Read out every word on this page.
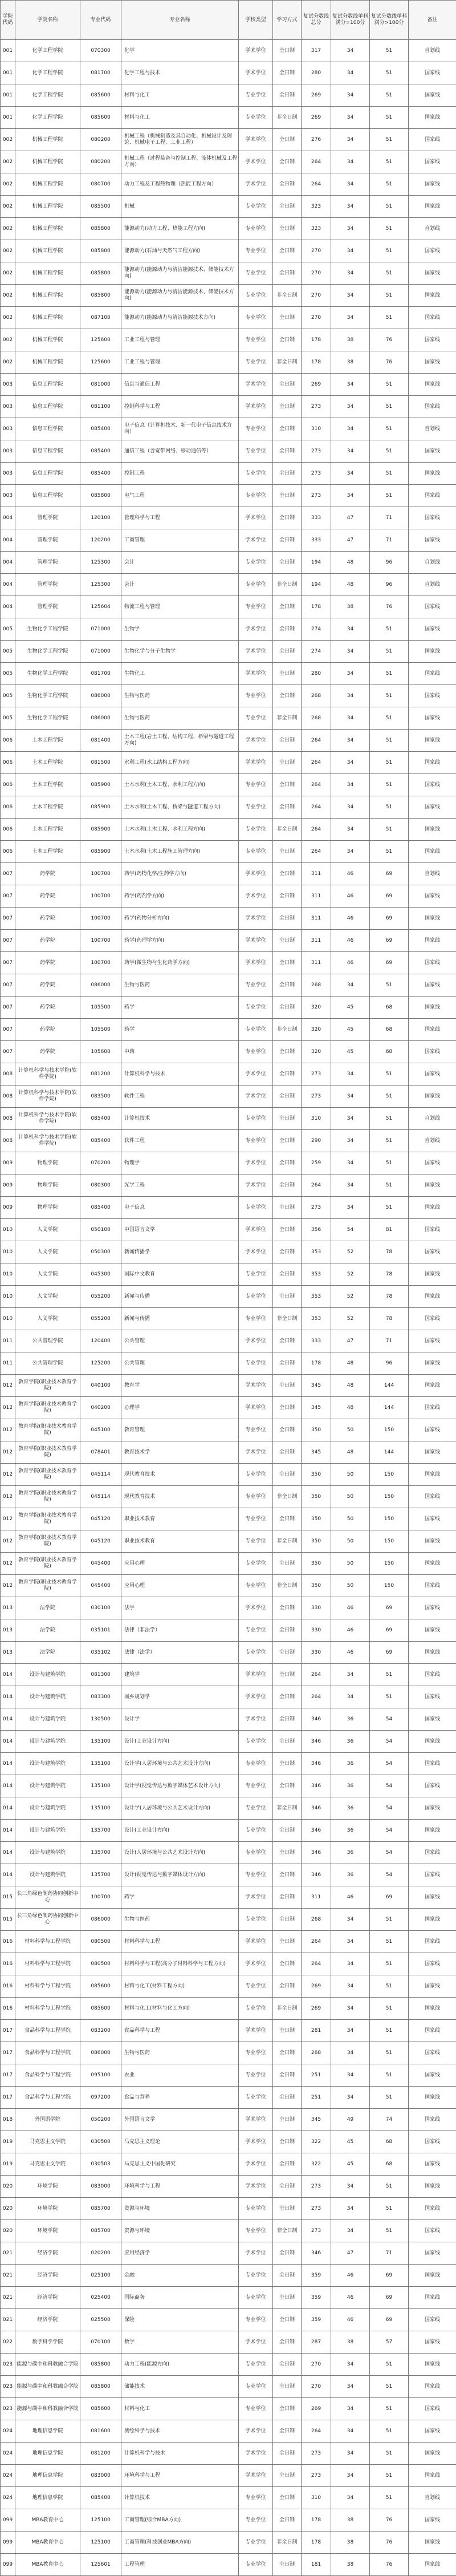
学院代码	学院名称	专业代码	专业名称	学校类型	学习方式	复试分数线总分	复试分数线单科满分=100分	复试分数线单科满分>100分	备注
001	化学工程学院	070300	化学	学术学位	全日制	317	34	51	自划线
001	化学工程学院	081700	化学工程与技术	学术学位	全日制	280	34	51	国家线
001	化学工程学院	085600	材料与化工	专业学位	全日制	269	34	51	国家线
001	化学工程学院	085600	材料与化工	专业学位	非全日制	269	34	51	国家线
002	机械工程学院	080200	机械工程（机械制造及其自动化、机械设计及理论、机械电子工程、工业工程）	学术学位	全日制	276	34	51	国家线
002	机械工程学院	080200	机械工程（过程装备与控制工程、流体机械及工程方向）	学术学位	全日制	264	34	51	国家线
002	机械工程学院	080700	动力工程及工程热物理（热能工程方向）	学术学位	全日制	264	34	51	国家线
002	机械工程学院	085500	机械	专业学位	全日制	323	34	51	国家线
002	机械工程学院	085800	能源动力(动力工程、热能工程方向)	专业学位	全日制	323	34	51	自划线
002	机械工程学院	085800	能源动力(石油与天然气工程方向)	专业学位	全日制	270	34	51	国家线
002	机械工程学院	085800	能源动力(能源动力与清洁能源技术、储能技术方向)	专业学位	全日制	270	34	51	国家线
002	机械工程学院	085800	能源动力(能源动力与清洁能源技术、储能技术方向)	专业学位	非全日制	270	34	51	国家线
002	机械工程学院	087100	能源动力(能源动力与清洁能源技术方向)	专业学位	全日制	270	34	51	国家线
002	机械工程学院	125600	工业工程与管理	专业学位	全日制	178	38	76	国家线
002	机械工程学院	125600	工业工程与管理	专业学位	非全日制	178	38	76	国家线
003	信息工程学院	081000	信息与通信工程	学术学位	全日制	269	34	51	国家线
003	信息工程学院	081100	控制科学与工程	学术学位	全日制	273	34	51	国家线
003	信息工程学院	085400	电子信息（计算机技术、新一代电子信息技术方向）	专业学位	全日制	310	34	51	自划线
003	信息工程学院	085400	通信工程（含宽带网络、移动通信等）	专业学位	全日制	273	34	51	国家线
003	信息工程学院	085400	控制工程	专业学位	全日制	273	34	51	国家线
003	信息工程学院	085800	电气工程	专业学位	全日制	273	34	51	国家线
004	管理学院	120100	管理科学与工程	学术学位	全日制	333	47	71	国家线
004	管理学院	120200	工商管理	学术学位	全日制	333	47	71	国家线
004	管理学院	125300	会计	专业学位	全日制	194	48	96	自划线
004	管理学院	125300	会计	专业学位	非全日制	194	48	96	自划线
004	管理学院	125604	物流工程与管理	专业学位	全日制	178	38	76	国家线
005	生物化学工程学院	071000	生物学	学术学位	全日制	274	34	51	国家线
005	生物化学工程学院	071000	生物化学与分子生物学	学术学位	全日制	274	34	51	国家线
005	生物化学工程学院	081700	生物化工	学术学位	全日制	280	34	51	国家线
005	生物化学工程学院	086000	生物与医药	专业学位	全日制	268	34	51	国家线
005	生物化学工程学院	086000	生物与医药	专业学位	非全日制	268	34	51	国家线
006	土木工程学院	081400	土木工程(岩土工程、结构工程、桥梁与隧道工程方向)	学术学位	全日制	264	34	51	国家线
006	土木工程学院	081500	水利工程(水工结构工程方向)	学术学位	全日制	264	34	51	国家线
006	土木工程学院	085900	土木水利(土木工程、水利工程方向)	专业学位	全日制	264	34	51	国家线
006	土木工程学院	085900	土木水利(土木工程、桥梁与隧道工程方向)	专业学位	全日制	264	34	51	国家线
006	土木工程学院	085900	土木水利(土木工程、水利工程方向)	专业学位	非全日制	264	34	51	国家线
006	土木工程学院	085900	土木水利(土木工程施工管理方向)	专业学位	全日制	264	34	51	国家线
007	药学院	100700	药学(药物化学/生药学方向)	学术学位	全日制	311	46	69	自划线
007	药学院	100700	药学(药剂学方向)	学术学位	全日制	311	46	69	国家线
007	药学院	100700	药学(药物分析方向)	学术学位	全日制	311	46	69	国家线
007	药学院	100700	药学(药理学方向)	学术学位	全日制	311	46	69	国家线
007	药学院	100700	药学(微生物与生化药学方向)	学术学位	全日制	311	46	69	国家线
007	药学院	086000	生物与医药	专业学位	全日制	268	34	51	国家线
007	药学院	105500	药学	专业学位	全日制	320	45	68	国家线
007	药学院	105500	药学	专业学位	非全日制	320	45	68	国家线
007	药学院	105600	中药	专业学位	全日制	320	45	68	国家线
008	计算机科学与技术学院(软件学院)	081200	计算机科学与技术	学术学位	全日制	273	34	51	国家线
008	计算机科学与技术学院(软件学院)	083500	软件工程	学术学位	全日制	273	34	51	国家线
008	计算机科学与技术学院(软件学院)	085400	计算机技术	专业学位	全日制	310	34	51	自划线
008	计算机科学与技术学院(软件学院)	085400	软件工程	专业学位	全日制	290	34	51	自划线
009	物理学院	070200	物理学	学术学位	全日制	259	34	51	国家线
009	物理学院	080300	光学工程	学术学位	全日制	264	34	51	国家线
009	物理学院	085400	电子信息	专业学位	全日制	273	34	51	国家线
010	人文学院	050100	中国语言文学	学术学位	全日制	356	54	81	国家线
010	人文学院	050300	新闻传播学	学术学位	全日制	353	52	78	国家线
010	人文学院	045300	国际中文教育	专业学位	全日制	353	52	78	国家线
010	人文学院	055200	新闻与传播	专业学位	全日制	353	52	78	国家线
010	人文学院	055200	新闻与传播	专业学位	非全日制	353	52	78	国家线
011	公共管理学院	120400	公共管理	学术学位	全日制	333	47	71	国家线
011	公共管理学院	125200	公共管理	专业学位	全日制	178	48	96	国家线
012	教育学院(职业技术教育学院)	040100	教育学	学术学位	全日制	345	48	144	国家线
012	教育学院(职业技术教育学院)	040200	心理学	学术学位	全日制	345	48	144	国家线
012	教育学院(职业技术教育学院)	045100	教育管理	专业学位	全日制	350	50	150	国家线
012	教育学院(职业技术教育学院)	078401	教育技术学	学术学位	全日制	345	48	144	国家线
012	教育学院(职业技术教育学院)	045114	现代教育技术	专业学位	全日制	350	50	150	国家线
012	教育学院(职业技术教育学院)	045114	现代教育技术	专业学位	非全日制	350	50	150	国家线
012	教育学院(职业技术教育学院)	045120	职业技术教育	专业学位	全日制	350	50	150	国家线
012	教育学院(职业技术教育学院)	045120	职业技术教育	专业学位	非全日制	350	50	150	国家线
012	教育学院(职业技术教育学院)	045400	应用心理	专业学位	全日制	350	50	150	国家线
012	教育学院(职业技术教育学院)	045400	应用心理	专业学位	非全日制	350	50	150	国家线
013	法学院	030100	法学	学术学位	全日制	330	46	69	国家线
013	法学院	035101	法律（非法学）	专业学位	全日制	330	46	69	国家线
013	法学院	035102	法律（法学）	专业学位	全日制	330	46	69	国家线
014	设计与建筑学院	081300	建筑学	学术学位	全日制	264	34	51	国家线
014	设计与建筑学院	083300	城乡规划学	学术学位	全日制	264	34	51	国家线
014	设计与建筑学院	130500	设计学	学术学位	全日制	346	36	54	国家线
014	设计与建筑学院	135100	设计(工业设计方向)	专业学位	全日制	346	36	54	国家线
014	设计与建筑学院	135100	设计学(人居环境与公共艺术设计方向)	专业学位	全日制	346	36	54	国家线
014	设计与建筑学院	135100	设计学(视觉传达与数字媒体艺术设计方向)	专业学位	全日制	346	36	54	国家线
014	设计与建筑学院	135100	设计学(人居环境与公共艺术设计方向)	专业学位	非全日制	346	36	54	国家线
014	设计与建筑学院	135700	设计(工业设计方向)	专业学位	全日制	346	36	54	国家线
014	设计与建筑学院	135700	设计(人居环境与公共艺术设计方向)	专业学位	全日制	346	36	54	国家线
014	设计与建筑学院	135700	设计(视觉传达与数字媒体设计方向)	专业学位	全日制	346	36	54	国家线
015	长三角绿色制药协同创新中心	100700	药学	学术学位	全日制	311	46	69	国家线
015	长三角绿色制药协同创新中心	086000	生物与医药	专业学位	全日制	268	34	51	国家线
016	材料科学与工程学院	080500	材料科学与工程	学术学位	全日制	264	34	51	国家线
016	材料科学与工程学院	080500	材料科学与工程(高分子材料科学与工程方向)	学术学位	全日制	264	34	51	国家线
016	材料科学与工程学院	085600	材料与化工(材料工程方向)	专业学位	全日制	269	34	51	国家线
016	材料科学与工程学院	085600	材料与化工(材料与化工方向)	专业学位	非全日制	269	34	51	国家线
017	食品科学与工程学院	083200	食品科学与工程	学术学位	全日制	281	34	51	国家线
017	食品科学与工程学院	086000	生物与医药	专业学位	全日制	268	34	51	国家线
017	食品科学与工程学院	095100	农业	专业学位	全日制	251	34	51	国家线
017	食品科学与工程学院	097200	食品与营养	专业学位	全日制	251	34	51	国家线
018	外国语学院	050200	外国语言文学	学术学位	全日制	345	49	74	国家线
019	马克思主义学院	030500	马克思主义理论	学术学位	全日制	322	45	68	国家线
019	马克思主义学院	030503	马克思主义中国化研究	学术学位	全日制	322	45	68	国家线
020	环境学院	083000	环境科学与工程	学术学位	全日制	273	34	51	国家线
020	环境学院	085700	资源与环境	专业学位	全日制	273	34	51	国家线
020	环境学院	085700	资源与环境	专业学位	非全日制	273	34	51	国家线
021	经济学院	020200	应用经济学	学术学位	全日制	346	47	71	国家线
021	经济学院	025100	金融	专业学位	全日制	359	46	69	国家线
021	经济学院	025400	国际商务	专业学位	全日制	359	46	69	国家线
021	经济学院	025500	保险	专业学位	全日制	359	46	69	国家线
022	数学科学学院	070100	数学	学术学位	全日制	287	38	57	国家线
023	能源与碳中和科教融合学院	085800	动力工程(能源方向)	专业学位	全日制	270	34	51	国家线
023	能源与碳中和科教融合学院	085800	储能技术	专业学位	全日制	270	34	51	国家线
023	能源与碳中和科教融合学院	085600	材料与化工	专业学位	全日制	269	34	51	国家线
024	地理信息学院	081600	测绘科学与技术	学术学位	全日制	264	34	51	国家线
024	地理信息学院	081200	计算机科学与技术	学术学位	全日制	273	34	51	国家线
024	地理信息学院	083000	环境科学与工程	学术学位	全日制	273	34	51	国家线
024	地理信息学院	085400	计算机技术	专业学位	全日制	310	34	51	自划线
099	MBA教育中心	125100	工商管理(综合MBA方向)	专业学位	全日制	178	38	76	国家线
099	MBA教育中心	125100	工商管理(科技创业MBA方向)	专业学位	非全日制	178	38	76	国家线
099	MBA教育中心	125601	工程管理	专业学位	全日制	181	38	76	国家线
